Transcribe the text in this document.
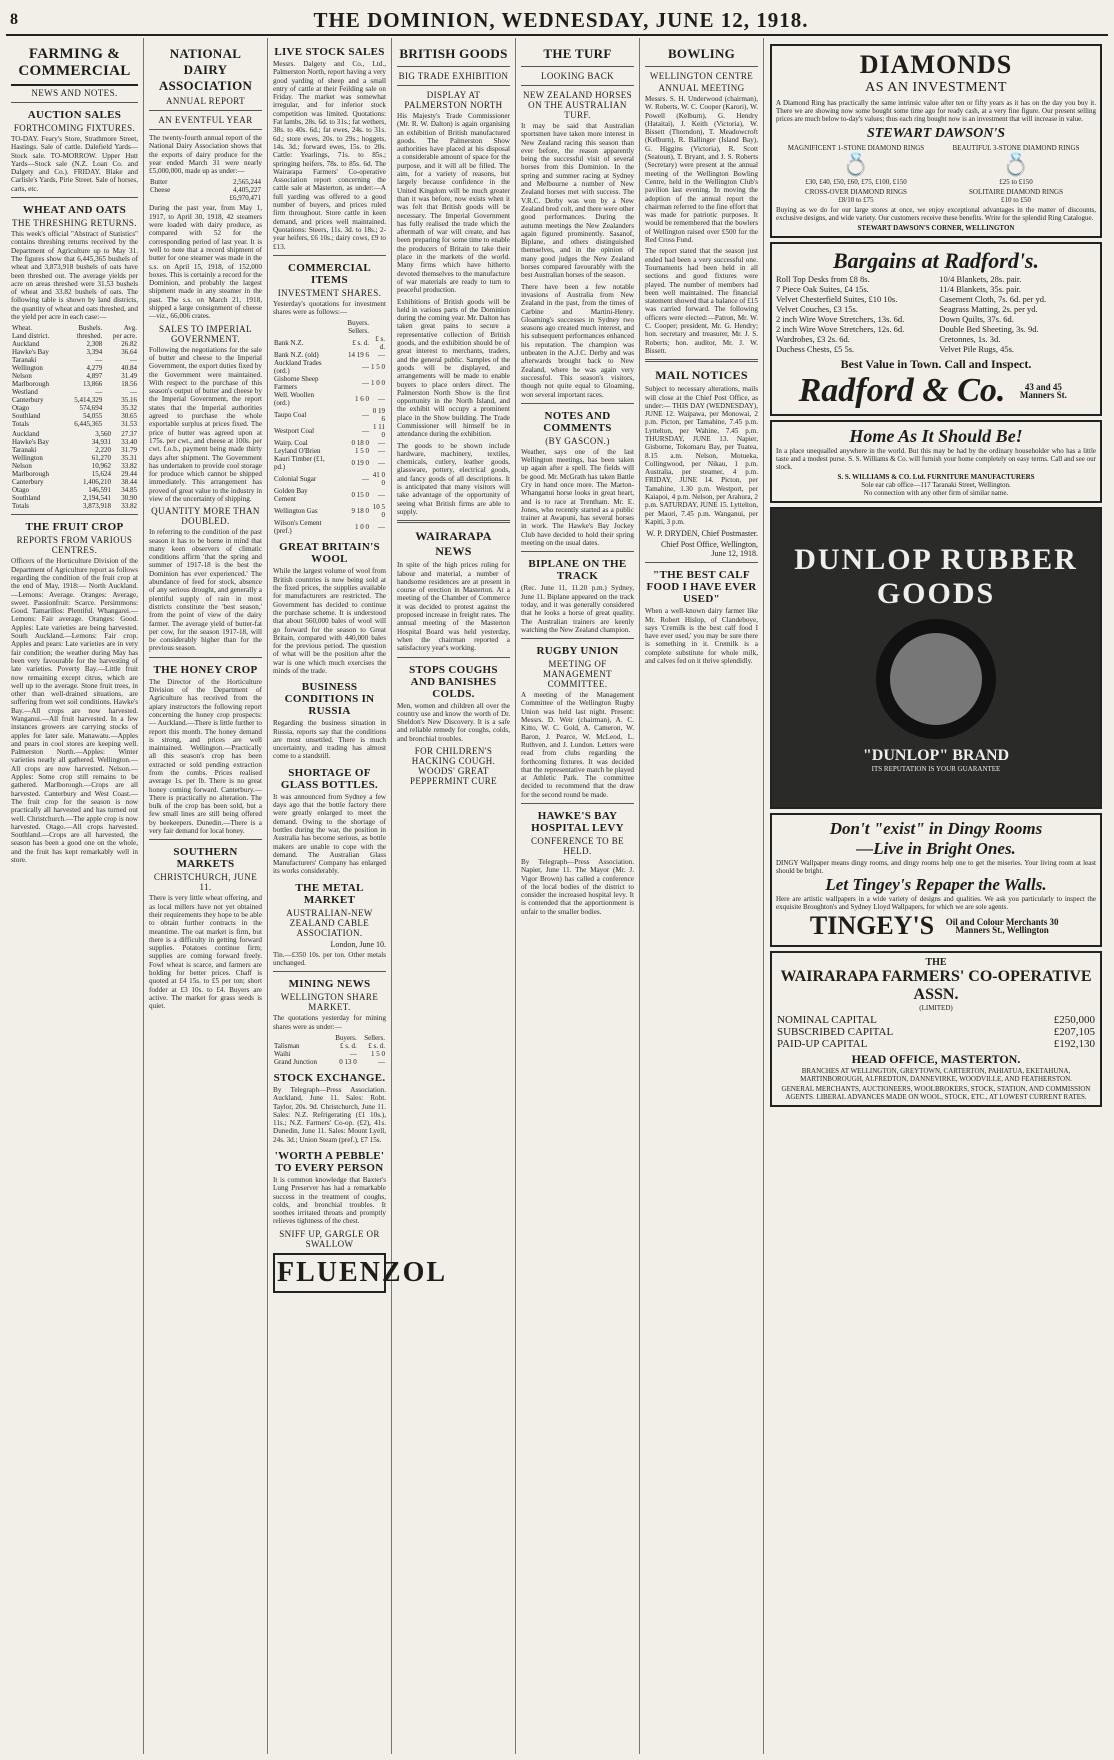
8	THE DOMINION, WEDNESDAY, JUNE 12, 1918.
FARMING & COMMERCIAL
NEWS AND NOTES.
AUCTION SALES
FORTHCOMING FIXTURES.

TO-DAY. Feary's Store, Strathmore Street, Hastings. Sale of cattle. Dalefield Yards—Stock sale. TO-MORROW. Upper Hutt Yards—Stock sale (N.Z. Loan Co. and Dalgety and Co.). FRIDAY. Blake and Carlisle's Yards, Pirie Street. Sale of horses, carts, etc.

WHEAT AND OATS
THE THRESHING RETURNS.

This week's official "Abstract of Statistics" contains threshing returns received by the Department of Agriculture up to May 31. The figures show that 6,445,365 bushels of wheat and 3,873,918 bushels of oats have been threshed out. The average yields per acre on areas threshed were 31.53 bushels of wheat and 33.82 bushels of oats. The following table is shown by land districts, the quantity of wheat and oats threshed, and the yield per acre in each case:—

Wheat.	Bushels.	Avg.
Land district.	threshed.	per acre.
Auckland	2,308	26.82
Hawke's Bay	3,394	36.64
Taranaki	—	—
Wellington	4,279	40.84
Nelson	4,897	31.49
Marlborough	13,866	18.56
Westland	—	—
Canterbury	5,414,329	35.16
Otago	574,694	35.32
Southland	54,055	30.65
Totals	6,445,365	31.53
Auckland	3,560	27.37
Hawke's Bay	34,931	33.40
Taranaki	2,220	31.79
Wellington	61,270	35.31
Nelson	10,962	33.82
Marlborough	15,624	29.44
Canterbury	1,406,210	38.44
Otago	146,591	34.85
Southland	2,194,541	30.90
Totals	3,873,918	33.82
THE FRUIT CROP
REPORTS FROM VARIOUS CENTRES.

Officers of the Horticulture Division of the Department of Agriculture report as follows regarding the condition of the fruit crop at the end of May, 1918:— North Auckland.—Lemons: Average. Oranges: Average, sweet. Passionfruit: Scarce. Persimmons: Good. Tamarillos: Plentiful. Whangarei.—Lemons: Fair average. Oranges: Good. Apples: Late varieties are being harvested. South Auckland.—Lemons: Fair crop. Apples and pears: Late varieties are in very fair condition; the weather during May has been very favourable for the harvesting of late varieties. Poverty Bay.—Little fruit now remaining except citrus, which are well up to the average. Stone fruit trees, in other than well-drained situations, are suffering from wet soil conditions. Hawke's Bay.—All crops are now harvested. Wanganui.—All fruit harvested. In a few instances growers are carrying stocks of apples for later sale. Manawatu.—Apples and pears in cool stores are keeping well. Palmerston North.—Apples: Winter varieties nearly all gathered. Wellington.—All crops are now harvested. Nelson.—Apples: Some crop still remains to be gathered. Marlborough.—Crops are all harvested. Canterbury and West Coast.—The fruit crop for the season is now practically all harvested and has turned out well. Christchurch.—The apple crop is now harvested. Otago.—All crops harvested. Southland.—Crops are all harvested, the season has been a good one on the whole, and the fruit has kept remarkably well in store.

NATIONAL DAIRY ASSOCIATION
ANNUAL REPORT
AN EVENTFUL YEAR

The twenty-fourth annual report of the National Dairy Association shows that the exports of dairy produce for the year ended March 31 were nearly £5,000,000, made up as under:—

Butter	2,565,244
Cheese	4,405,227
	£6,970,471

During the past year, from May 1, 1917, to April 30, 1918, 42 steamers were loaded with dairy produce, as compared with 52 for the corresponding period of last year. It is well to note that a record shipment of butter for one steamer was made in the s.s. on April 15, 1918, of 152,000 boxes. This is certainly a record for the Dominion, and probably the largest shipment made in any steamer in the past. The s.s. on March 21, 1918, shipped a large consignment of cheese—viz., 66,006 crates.

SALES TO IMPERIAL GOVERNMENT.

Following the negotiations for the sale of butter and cheese to the Imperial Government, the export duties fixed by the Government were maintained. With respect to the purchase of this season's output of butter and cheese by the Imperial Government, the report states that the Imperial authorities agreed to purchase the whole exportable surplus at prices fixed. The price of butter was agreed upon at 175s. per cwt., and cheese at 100s. per cwt. f.o.b., payment being made thirty days after shipment. The Government has undertaken to provide cool storage for produce which cannot be shipped immediately. This arrangement has proved of great value to the industry in view of the uncertainty of shipping.

QUANTITY MORE THAN DOUBLED.

In referring to the condition of the past season it has to be borne in mind that many keen observers of climatic conditions affirm 'that the spring and summer of 1917-18 is the best the Dominion has ever experienced.' The abundance of feed for stock, absence of any serious drought, and generally a plentiful supply of rain in most districts constitute the 'best season,' from the point of view of the dairy farmer. The average yield of butter-fat per cow, for the season 1917-18, will be considerably higher than for the previous season.

THE HONEY CROP

The Director of the Horticulture Division of the Department of Agriculture has received from the apiary instructors the following report concerning the honey crop prospects:— Auckland.—There is little further to report this month. The honey demand is strong, and prices are well maintained. Wellington.—Practically all this season's crop has been extracted or sold pending extraction from the combs. Prices realised average 1s. per lb. There is no great honey coming forward. Canterbury.—There is practically no alteration. The bulk of the crop has been sold, but a few small lines are still being offered by beekeepers. Dunedin.—There is a very fair demand for local honey.

SOUTHERN MARKETS
CHRISTCHURCH, JUNE 11.

There is very little wheat offering, and as local millers have not yet obtained their requirements they hope to be able to obtain further contracts in the meantime. The oat market is firm, but there is a difficulty in getting forward supplies. Potatoes continue firm; supplies are coming forward freely. Fowl wheat is scarce, and farmers are holding for better prices. Chaff is quoted at £4 15s. to £5 per ton; short fodder at £3 10s. to £4. Buyers are active. The market for grass seeds is quiet.

LIVE STOCK SALES

Messrs. Dalgety and Co., Ltd., Palmerston North, report having a very good yarding of sheep and a small entry of cattle at their Feilding sale on Friday. The market was somewhat irregular, and for inferior stock competition was limited. Quotations: Fat lambs, 28s. 6d. to 31s.; fat wethers, 38s. to 40s. 6d.; fat ewes, 24s. to 31s. 6d.; store ewes, 20s. to 29s.; hoggets, 14s. 3d.; forward ewes, 15s. to 20s. Cattle: Yearlings, 71s. to 85s.; springing heifers, 78s. to 85s. 6d. The Wairarapa Farmers' Co-operative Association report concerning the cattle sale at Masterton, as under:—A full yarding was offered to a good number of buyers, and prices ruled firm throughout. Store cattle in keen demand, and prices well maintained. Quotations: Steers, 11s. 3d. to 18s.; 2-year heifers, £6 10s.; dairy cows, £9 to £13.

COMMERCIAL ITEMS
INVESTMENT SHARES.

Yesterday's quotations for investment shares were as follows:—

	Buyers. Sellers.	
Bank N.Z.	£ s. d.	£ s. d.
Bank N.Z. (old)	14 19 6	—
Auckland Trades (ord.)	—	1 5 0
Gisborne Sheep Farmers	—	1 0 0
Well. Woollen (ord.)	1 6 0	—
Taupo Coal	—	0 19 6
Westport Coal	—	1 11 0
Wairp. Coal	0 18 0	—
Leyland O'Brien	1 5 0	—
Kauri Timber (£1, pd.)	0 19 0	—
Colonial Sugar	—	41 0 0
Golden Bay Cement	0 15 0	—
Wellington Gas	9 18 0	10 5 0
Wilson's Cement (pref.)	1 0 0	—
GREAT BRITAIN'S WOOL

While the largest volume of wool from British countries is now being sold at the fixed prices, the supplies available for manufacturers are restricted. The Government has decided to continue the purchase scheme. It is understood that about 560,000 bales of wool will go forward for the season to Great Britain, compared with 440,000 bales for the previous period. The question of what will be the position after the war is one which much exercises the minds of the trade.

BUSINESS CONDITIONS IN RUSSIA

Regarding the business situation in Russia, reports say that the conditions are most unsettled. There is much uncertainty, and trading has almost come to a standstill.

SHORTAGE OF GLASS BOTTLES.

It was announced from Sydney a few days ago that the bottle factory there were greatly enlarged to meet the demand. Owing to the shortage of bottles during the war, the position in Australia has become serious, as bottle makers are unable to cope with the demand. The Australian Glass Manufacturers' Company has enlarged its works considerably.

THE METAL MARKET
AUSTRALIAN-NEW ZEALAND CABLE ASSOCIATION.
London, June 10.

Tin.—£350 10s. per ton. Other metals unchanged.

MINING NEWS
WELLINGTON SHARE MARKET.

The quotations yesterday for mining shares were as under:—

	Buyers.	Sellers.
Talisman	£ s. d.	£ s. d.
Waihi	—	1 5 0
Grand Junction	0 13 0	—
STOCK EXCHANGE.

By Telegraph—Press Association. Auckland, June 11. Sales: Robt. Taylor, 20s. 9d. Christchurch, June 11. Sales: N.Z. Refrigerating (£1 10s.), 11s.; N.Z. Farmers' Co-op. (£2), 41s. Dunedin, June 11. Sales: Mount Lyell, 24s. 3d.; Union Steam (pref.), £7 15s.

'WORTH A PEBBLE' TO EVERY PERSON

It is common knowledge that Baxter's Lung Preserver has had a remarkable success in the treatment of coughs, colds, and bronchial troubles. It soothes irritated throats and promptly relieves tightness of the chest.

SNIFF UP, GARGLE OR SWALLOW
FLUENZOL
BRITISH GOODS
BIG TRADE EXHIBITION
DISPLAY AT PALMERSTON NORTH

His Majesty's Trade Commissioner (Mr. R. W. Dalton) is again organising an exhibition of British manufactured goods. The Palmerston Show authorities have placed at his disposal a considerable amount of space for the purpose, and it will all be filled. The aim, for a variety of reasons, but largely because confidence in the United Kingdom will be much greater than it was before, now exists when it was felt that British goods will be necessary. The Imperial Government has fully realised the trade which the aftermath of war will create, and has been preparing for some time to enable the producers of Britain to take their place in the markets of the world. Many firms which have hitherto devoted themselves to the manufacture of war materials are ready to turn to peaceful production.

Exhibitions of British goods will be held in various parts of the Dominion during the coming year. Mr. Dalton has taken great pains to secure a representative collection of British goods, and the exhibition should be of great interest to merchants, traders, and the general public. Samples of the goods will be displayed, and arrangements will be made to enable buyers to place orders direct. The Palmerston North Show is the first opportunity in the North Island, and the exhibit will occupy a prominent place in the Show building. The Trade Commissioner will himself be in attendance during the exhibition.

The goods to be shown include hardware, machinery, textiles, chemicals, cutlery, leather goods, glassware, pottery, electrical goods, and fancy goods of all descriptions. It is anticipated that many visitors will take advantage of the opportunity of seeing what British firms are able to supply.

WAIRARAPA NEWS

In spite of the high prices ruling for labour and material, a number of handsome residences are at present in course of erection in Masterton. At a meeting of the Chamber of Commerce it was decided to protest against the proposed increase in freight rates. The annual meeting of the Masterton Hospital Board was held yesterday, when the chairman reported a satisfactory year's working.

STOPS COUGHS AND BANISHES COLDS.

Men, women and children all over the country use and know the worth of Dr. Sheldon's New Discovery. It is a safe and reliable remedy for coughs, colds, and bronchial troubles.

FOR CHILDREN'S HACKING COUGH. WOODS' GREAT PEPPERMINT CURE
THE TURF
LOOKING BACK
NEW ZEALAND HORSES ON THE AUSTRALIAN TURF.

It may be said that Australian sportsmen have taken more interest in New Zealand racing this season than ever before, the reason apparently being the successful visit of several horses from this Dominion. In the spring and summer racing at Sydney and Melbourne a number of New Zealand horses met with success. The V.R.C. Derby was won by a New Zealand bred colt, and there were other good performances. During the autumn meetings the New Zealanders again figured prominently. Sasanof, Biplane, and others distinguished themselves, and in the opinion of many good judges the New Zealand horses compared favourably with the best Australian horses of the season.

There have been a few notable invasions of Australia from New Zealand in the past, from the times of Carbine and Martini-Henry. Gloaming's successes in Sydney two seasons ago created much interest, and his subsequent performances enhanced his reputation. The champion was unbeaten in the A.J.C. Derby and was afterwards brought back to New Zealand, where he was again very successful. This season's visitors, though not quite equal to Gloaming, won several important races.

NOTES AND COMMENTS
(BY GASCON.)

Weather, says one of the last Wellington meetings, has been taken up again after a spell. The fields will be good. Mr. McGrath has taken Battle Cry in hand once more. The Marton-Whanganui horse looks in great heart, and is to race at Trentham. Mr. E. Jones, who recently started as a public trainer at Awapuni, has several horses in work. The Hawke's Bay Jockey Club have decided to hold their spring meeting on the usual dates.

BIPLANE ON THE TRACK

(Rec. June 11, 11.20 p.m.) Sydney, June 11. Biplane appeared on the track today, and it was generally considered that he looks a horse of great quality. The Australian trainers are keenly watching the New Zealand champion.

RUGBY UNION
MEETING OF MANAGEMENT COMMITTEE.

A meeting of the Management Committee of the Wellington Rugby Union was held last night. Present: Messrs. D. Weir (chairman), A. C. Kitto, W. C. Gold, A. Cameron, W. Baron, J. Pearce, W. McLeod, L. Ruthven, and J. Lundon. Letters were read from clubs regarding the forthcoming fixtures. It was decided that the representative match be played at Athletic Park. The committee decided to recommend that the draw for the second round be made.

HAWKE'S BAY HOSPITAL LEVY
CONFERENCE TO BE HELD.

By Telegraph—Press Association. Napier, June 11. The Mayor (Mr. J. Vigor Brown) has called a conference of the local bodies of the district to consider the increased hospital levy. It is contended that the apportionment is unfair to the smaller bodies.

BOWLING
WELLINGTON CENTRE
ANNUAL MEETING

Messrs. S. H. Underwood (chairman), W. Roberts, W. C. Cooper (Karori), W. Powell (Kelburn), G. Hendry (Hataitai), J. Keith (Victoria), W. Bissett (Thorndon), T. Meadowcroft (Kelburn), R. Ballinger (Island Bay), G. Higgins (Victoria), R. Scott (Seatoun), T. Bryant, and J. S. Roberts (Secretary) were present at the annual meeting of the Wellington Bowling Centre, held in the Wellington Club's pavilion last evening. In moving the adoption of the annual report the chairman referred to the fine effort that was made for patriotic purposes. It would be remembered that the bowlers of Wellington raised over £500 for the Red Cross Fund.

The report stated that the season just ended had been a very successful one. Tournaments had been held in all sections and good fixtures were played. The number of members had been well maintained. The financial statement showed that a balance of £15 was carried forward. The following officers were elected:—Patron, Mr. W. C. Cooper; president, Mr. G. Hendry; hon. secretary and treasurer, Mr. J. S. Roberts; hon. auditor, Mr. J. W. Bissett.

MAIL NOTICES

Subject to necessary alterations, mails will close at the Chief Post Office, as under:— THIS DAY (WEDNESDAY), JUNE 12. Waipawa, per Monowai, 2 p.m. Picton, per Tamahine, 7.45 p.m. Lyttelton, per Wahine, 7.45 p.m. THURSDAY, JUNE 13. Napier, Gisborne, Tokomaru Bay, per Tuatea, 8.15 a.m. Nelson, Motueka, Collingwood, per Nikau, 1 p.m. Australia, per steamer, 4 p.m. FRIDAY, JUNE 14. Picton, per Tamahine, 1.30 p.m. Westport, per Kaiapoi, 4 p.m. Nelson, per Arahura, 2 p.m. SATURDAY, JUNE 15. Lyttelton, per Maori, 7.45 p.m. Wanganui, per Kapiti, 3 p.m.

W. P. DRYDEN, Chief Postmaster.
Chief Post Office, Wellington, June 12, 1918.
"THE BEST CALF FOOD I HAVE EVER USED"

When a well-known dairy farmer like Mr. Robert Hislop, of Clandeboye, says 'Cremilk is the best calf food I have ever used,' you may be sure there is something in it. Cremilk is a complete substitute for whole milk, and calves fed on it thrive splendidly.

DIAMONDS
AS AN INVESTMENT
A Diamond Ring has practically the same intrinsic value after ten or fifty years as it has on the day you buy it. There we are showing now some bought some time ago for ready cash, at a very fine figure. Our present selling prices are much below to-day's values; thus each ring bought now is an investment that will increase in value.
STEWART DAWSON'S
MAGNIFICENT 1-STONE DIAMOND RINGS
💍
£30, £40, £50, £60, £75, £100, £150
BEAUTIFUL 3-STONE DIAMOND RINGS
💍
£25 to £150
CROSS-OVER DIAMOND RINGS
£8/10 to £75
SOLITAIRE DIAMOND RINGS
£10 to £50
Buying as we do for our large stores at once, we enjoy exceptional advantages in the matter of discounts, exclusive designs, and wide variety. Our customers receive these benefits. Write for the splendid Ring Catalogue.
STEWART DAWSON'S CORNER, WELLINGTON
Bargains at Radford's.
Roll Top Desks from £8 8s.
7 Piece Oak Suites, £4 15s.
Velvet Chesterfield Suites, £10 10s.
Velvet Couches, £3 15s.
2 inch Wire Wove Stretchers, 13s. 6d.
2 inch Wire Wove Stretchers, 12s. 6d.
Wardrobes, £3 2s. 6d.
Duchess Chests, £5 5s.
10/4 Blankets, 28s. pair.
11/4 Blankets, 35s. pair.
Casement Cloth, 7s. 6d. per yd.
Seagrass Matting, 2s. per yd.
Down Quilts, 37s. 6d.
Double Bed Sheeting, 3s. 9d.
Cretonnes, 1s. 3d.
Velvet Pile Rugs, 45s.
Best Value in Town. Call and Inspect.
Radford & Co.	43 and 45 Manners St.
Home As It Should Be!
In a place unequalled anywhere in the world. But this may be had by the ordinary householder who has a little taste and a modest purse. S. S. Williams & Co. will furnish your home completely on easy terms. Call and see our stock.
S. S. WILLIAMS & CO. Ltd. FURNITURE MANUFACTURERS
Sole ear cab office—117 Taranaki Street, Wellington.
No connection with any other firm of similar name.
DUNLOP RUBBER GOODS
"DUNLOP" BRAND
ITS REPUTATION IS YOUR GUARANTEE
Don't "exist" in Dingy Rooms
—Live in Bright Ones.
DINGY Wallpaper means dingy rooms, and dingy rooms help one to get the miseries. Your living room at least should be bright.
Let Tingey's Repaper the Walls.
Here are artistic wallpapers in a wide variety of designs and qualities. We ask you particularly to inspect the exquisite Broughton's and Sydney Lloyd Wallpapers, for which we are sole agents.
TINGEY'S	Oil and Colour Merchants 30 Manners St., Wellington
THE
WAIRARAPA FARMERS' CO-OPERATIVE ASSN.
(LIMITED)
NOMINAL CAPITAL	£250,000
SUBSCRIBED CAPITAL	£207,105
PAID-UP CAPITAL	£192,130
HEAD OFFICE, MASTERTON.
BRANCHES AT WELLINGTON, GREYTOWN, CARTERTON, PAHIATUA, EKETAHUNA, MARTINBOROUGH, ALFREDTON, DANNEVIRKE, WOODVILLE, AND FEATHERSTON.
GENERAL MERCHANTS, AUCTIONEERS, WOOLBROKERS, STOCK, STATION, AND COMMISSION AGENTS. LIBERAL ADVANCES MADE ON WOOL, STOCK, ETC., AT LOWEST CURRENT RATES.
